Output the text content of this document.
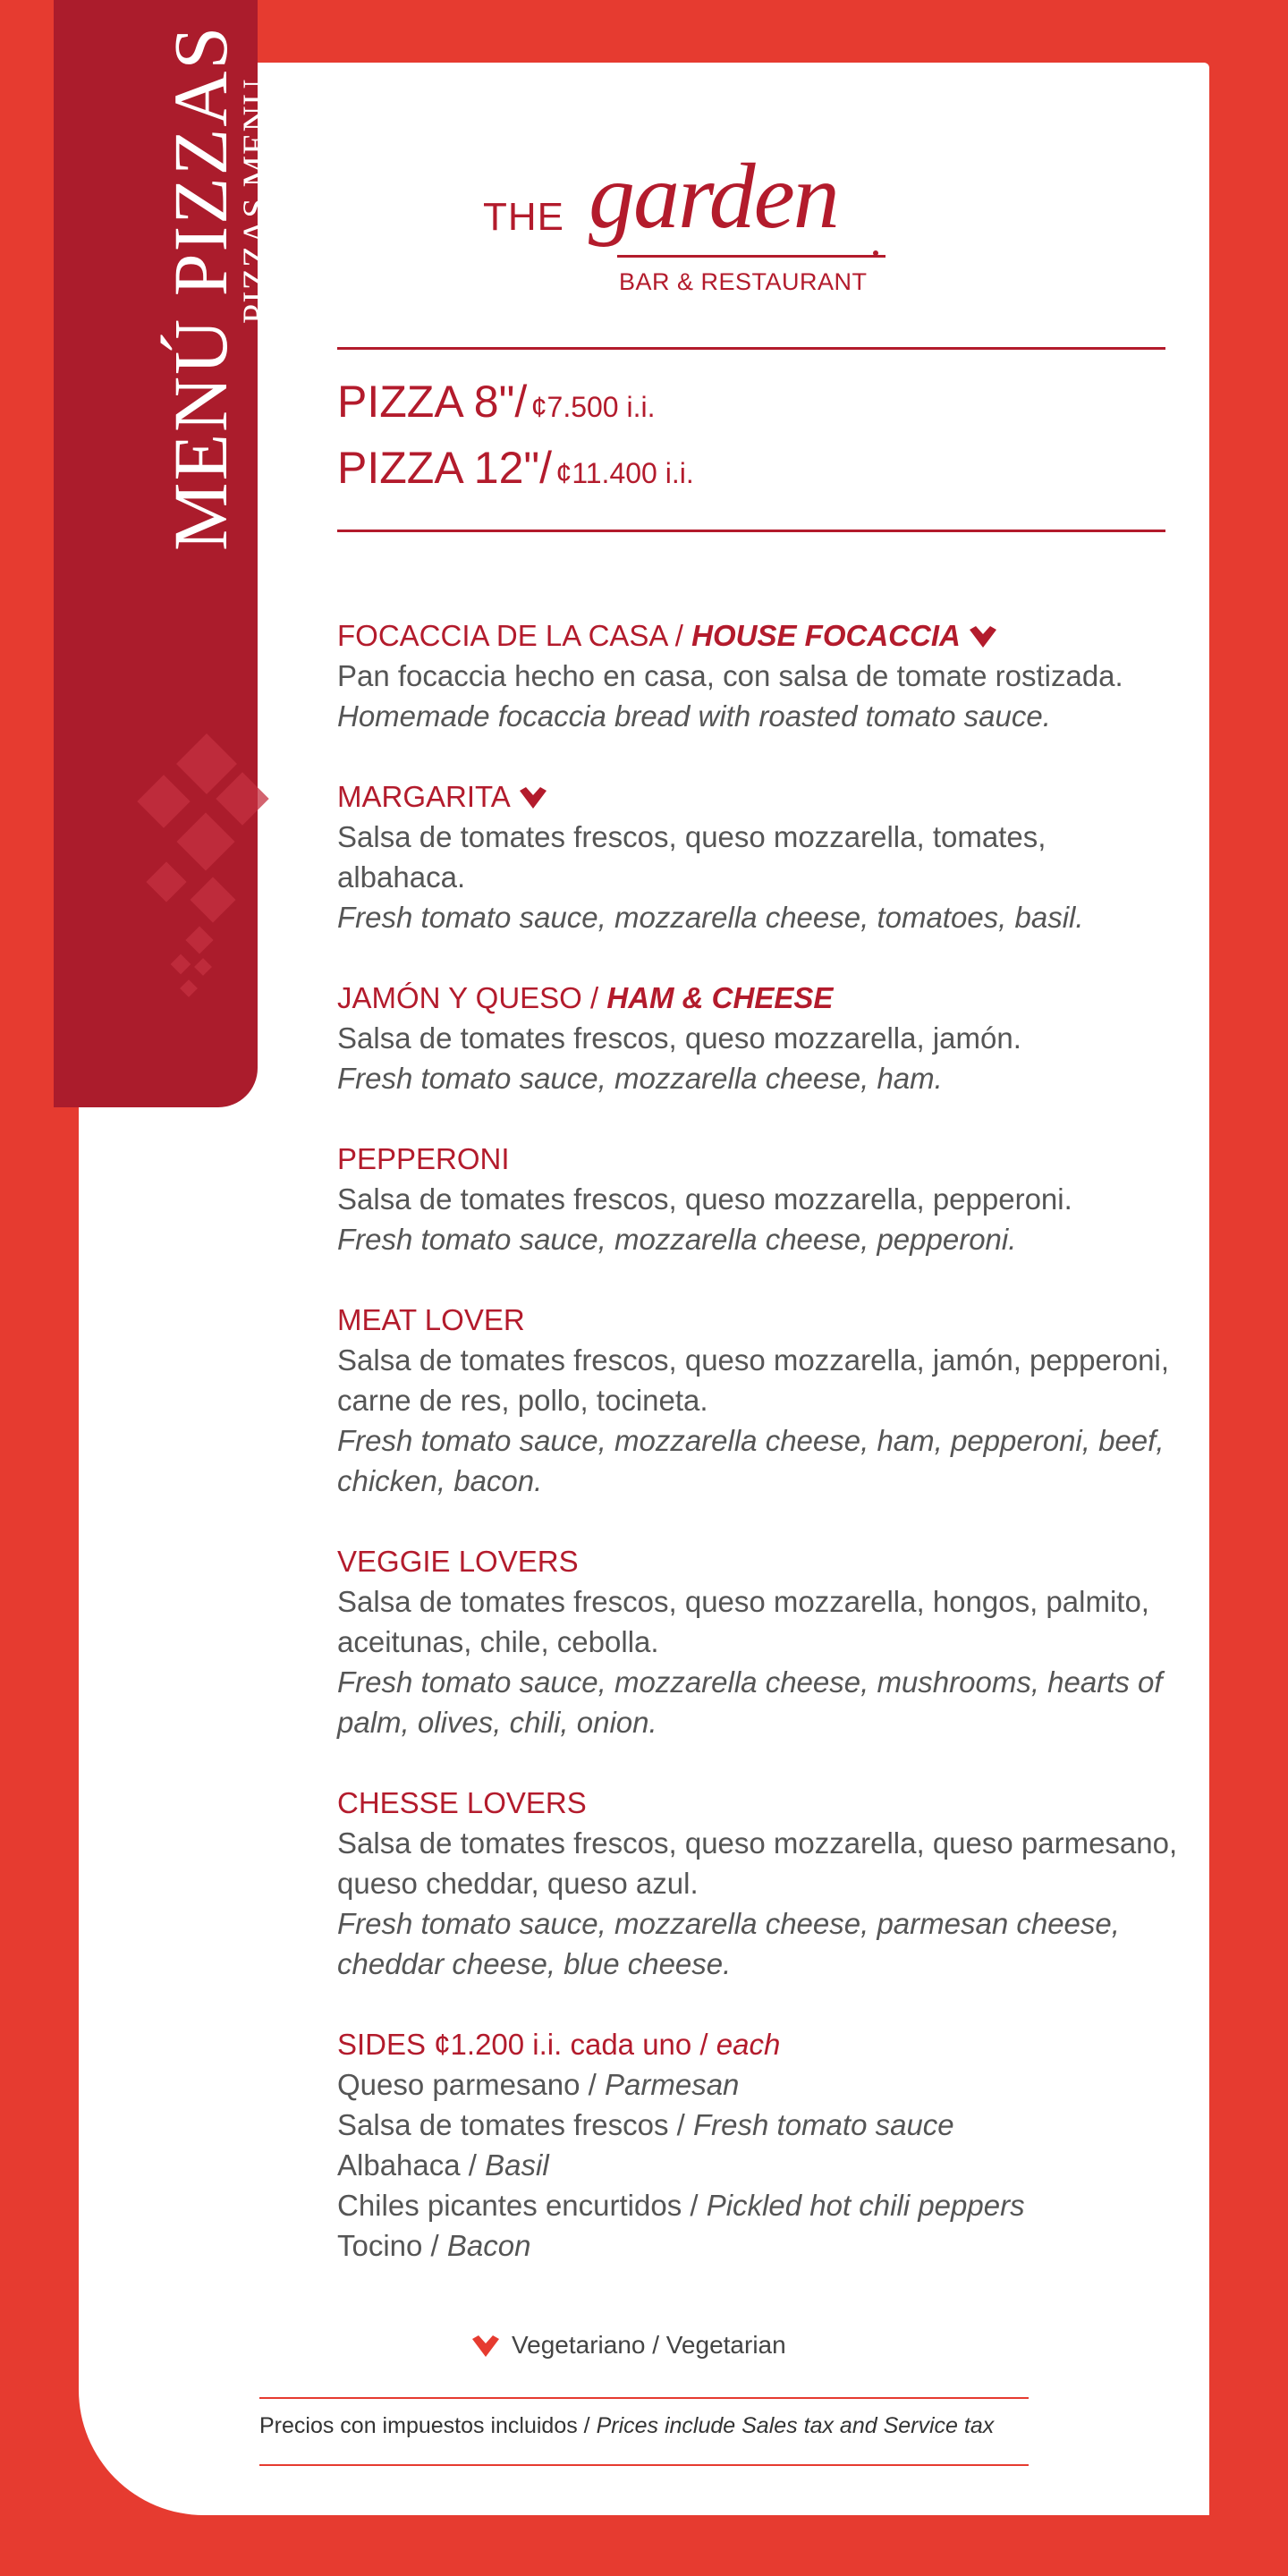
MENÚ PIZZAS
PIZZAS MENU	THE garden
BAR & RESTAURANT
PIZZA 8"/ ¢7.500 i.i.
PIZZA 12"/ ¢11.400 i.i.
FOCACCIA DE LA CASA / HOUSE FOCACCIA
Pan focaccia hecho en casa, con salsa de tomate rostizada.
Homemade focaccia bread with roasted tomato sauce.
MARGARITA
Salsa de tomates frescos, queso mozzarella, tomates, albahaca.
Fresh tomato sauce, mozzarella cheese, tomatoes, basil.
JAMÓN Y QUESO / HAM & CHEESE
Salsa de tomates frescos, queso mozzarella, jamón.
Fresh tomato sauce, mozzarella cheese, ham.
PEPPERONI
Salsa de tomates frescos, queso mozzarella, pepperoni.
Fresh tomato sauce, mozzarella cheese, pepperoni.
MEAT LOVER
Salsa de tomates frescos, queso mozzarella, jamón, pepperoni, carne de res, pollo, tocineta.
Fresh tomato sauce, mozzarella cheese, ham, pepperoni, beef, chicken, bacon.
VEGGIE LOVERS
Salsa de tomates frescos, queso mozzarella, hongos, palmito, aceitunas, chile, cebolla.
Fresh tomato sauce, mozzarella cheese, mushrooms, hearts of palm, olives, chili, onion.
CHESSE LOVERS
Salsa de tomates frescos, queso mozzarella, queso parmesano, queso cheddar, queso azul.
Fresh tomato sauce, mozzarella cheese, parmesan cheese, cheddar cheese, blue cheese.
SIDES ¢1.200 i.i. cada uno / each
Queso parmesano / Parmesan
Salsa de tomates frescos / Fresh tomato sauce
Albahaca / Basil
Chiles picantes encurtidos / Pickled hot chili peppers
Tocino / Bacon
Vegetariano / Vegetarian
Precios con impuestos incluidos / Prices include Sales tax and Service tax
